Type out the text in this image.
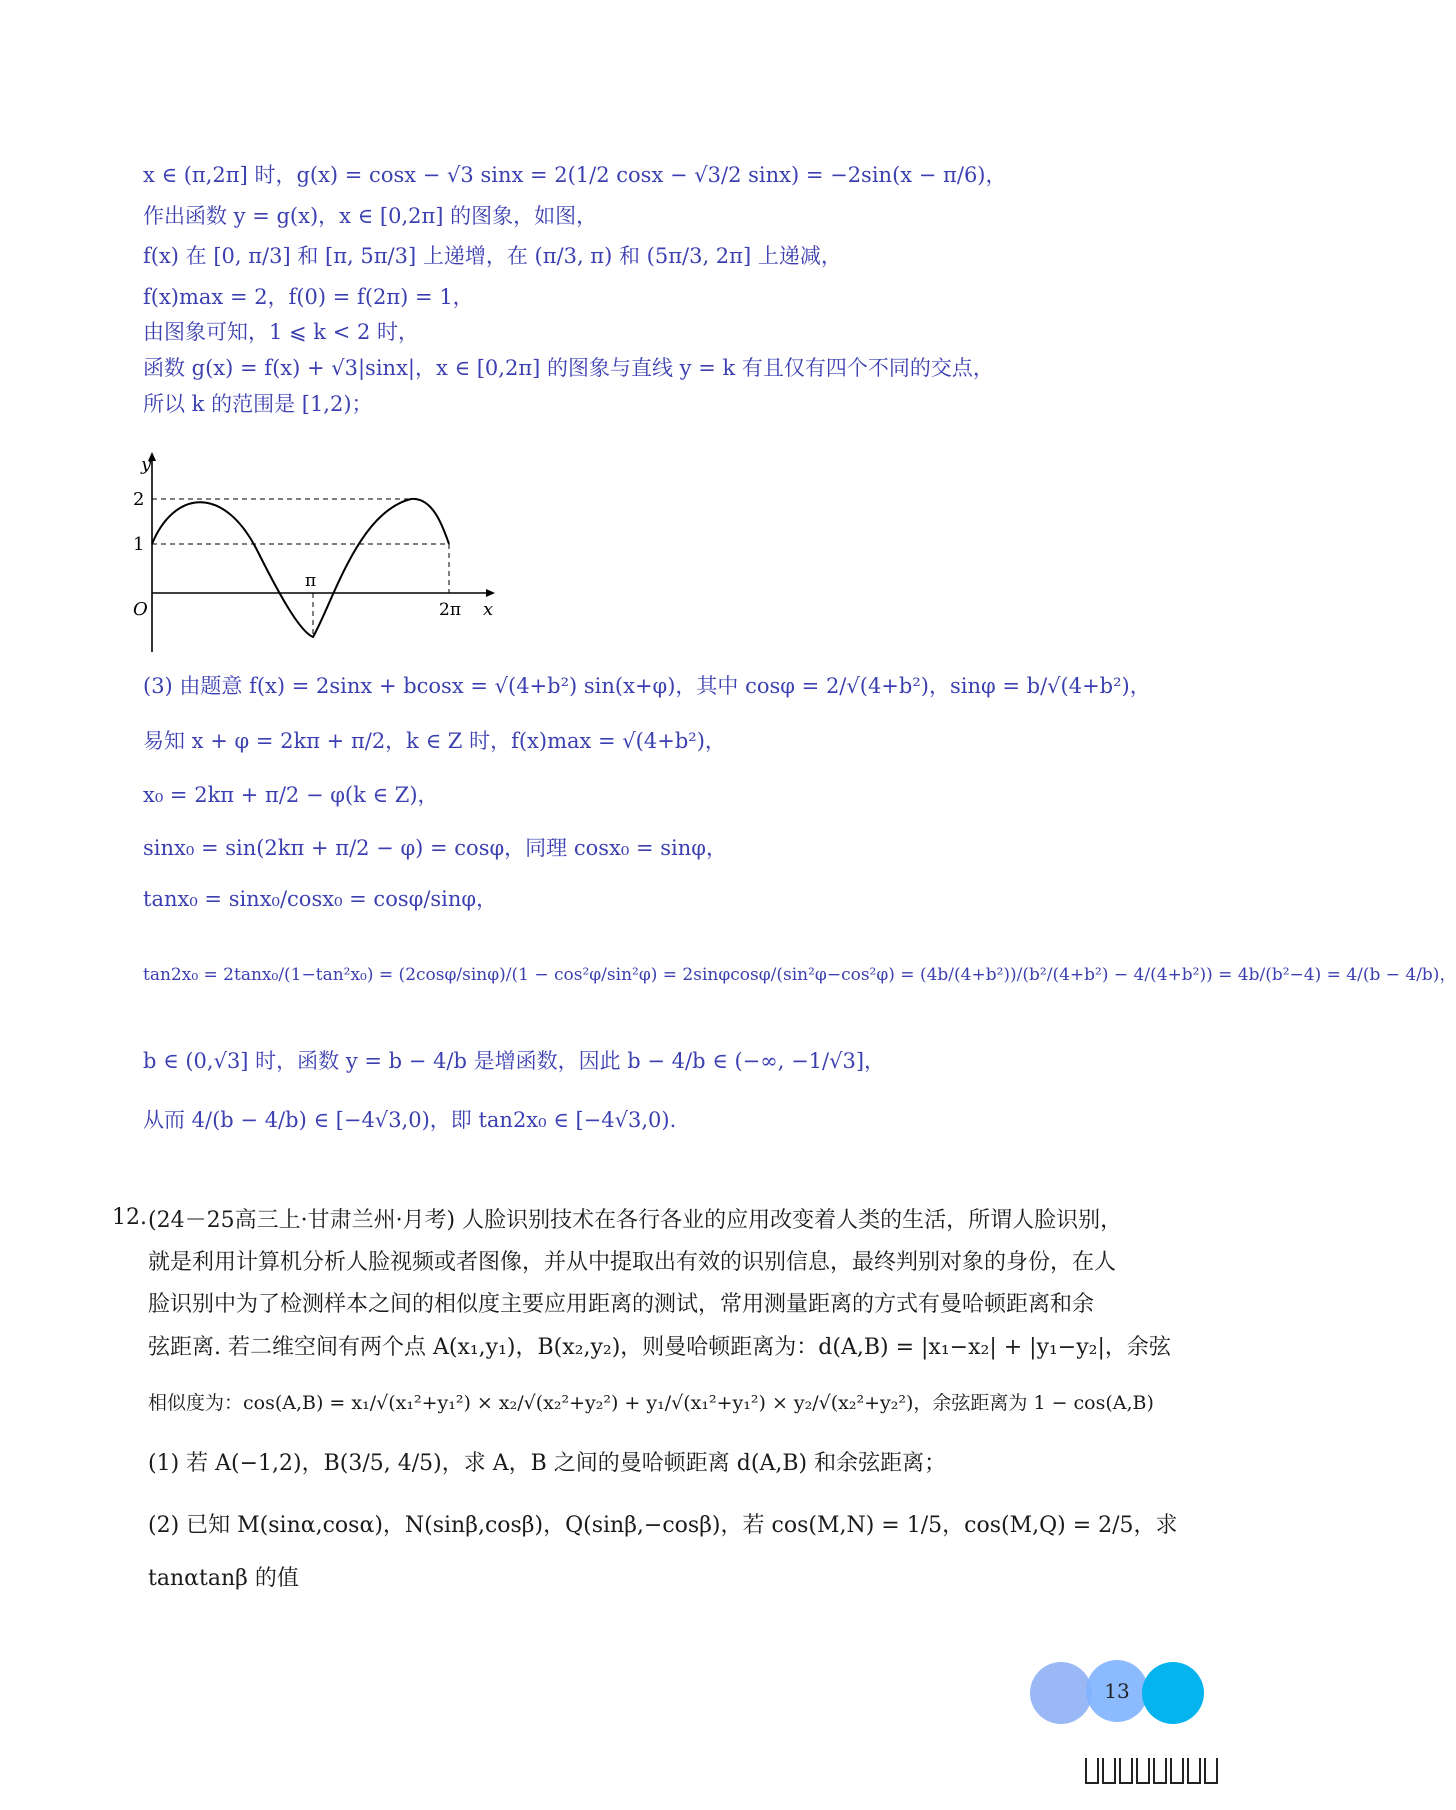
x ∈ (π,2π] 时，g(x) = cosx − √3 sinx = 2(1/2 cosx − √3/2 sinx) = −2sin(x − π/6)，
作出函数 y = g(x)，x ∈ [0,2π] 的图象，如图，
f(x) 在 [0, π/3] 和 [π, 5π/3] 上递增，在 (π/3, π) 和 (5π/3, 2π] 上递减，
f(x)max = 2，f(0) = f(2π) = 1，
由图象可知，1 ⩽ k < 2 时，
函数 g(x) = f(x) + √3|sinx|，x ∈ [0,2π] 的图象与直线 y = k 有且仅有四个不同的交点，
所以 k 的范围是 [1,2)；
(3) 由题意 f(x) = 2sinx + bcosx = √(4+b²) sin(x+φ)，其中 cosφ = 2/√(4+b²)，sinφ = b/√(4+b²)，
易知 x + φ = 2kπ + π/2，k ∈ Z 时，f(x)max = √(4+b²)，
x₀ = 2kπ + π/2 − φ(k ∈ Z)，
sinx₀ = sin(2kπ + π/2 − φ) = cosφ，同理 cosx₀ = sinφ，
tanx₀ = sinx₀/cosx₀ = cosφ/sinφ，
tan2x₀ = 2tanx₀/(1−tan²x₀) = (2cosφ/sinφ)/(1 − cos²φ/sin²φ) = 2sinφcosφ/(sin²φ−cos²φ) = (4b/(4+b²))/(b²/(4+b²) − 4/(4+b²)) = 4b/(b²−4) = 4/(b − 4/b)，
b ∈ (0,√3] 时，函数 y = b − 4/b 是增函数，因此 b − 4/b ∈ (−∞, −1/√3]，
从而 4/(b − 4/b) ∈ [−4√3,0)，即 tan2x₀ ∈ [−4√3,0).
y
2
1
O
π
2π x
12. (24－25高三上·甘肃兰州·月考) 人脸识别技术在各行各业的应用改变着人类的生活，所谓人脸识别，
就是利用计算机分析人脸视频或者图像，并从中提取出有效的识别信息，最终判别对象的身份，在人
脸识别中为了检测样本之间的相似度主要应用距离的测试，常用测量距离的方式有曼哈顿距离和余
弦距离. 若二维空间有两个点 A(x₁,y₁)，B(x₂,y₂)，则曼哈顿距离为：d(A,B) = |x₁−x₂| + |y₁−y₂|，余弦
相似度为：cos(A,B) = x₁/√(x₁²+y₁²) × x₂/√(x₂²+y₂²) + y₁/√(x₁²+y₁²) × y₂/√(x₂²+y₂²)，余弦距离为 1 − cos(A,B)
(1) 若 A(−1,2)，B(3/5, 4/5)，求 A，B 之间的曼哈顿距离 d(A,B) 和余弦距离；
(2) 已知 M(sinα,cosα)，N(sinβ,cosβ)，Q(sinβ,−cosβ)，若 cos(M,N) = 1/5，cos(M,Q) = 2/5，求
tanαtanβ 的值
13
